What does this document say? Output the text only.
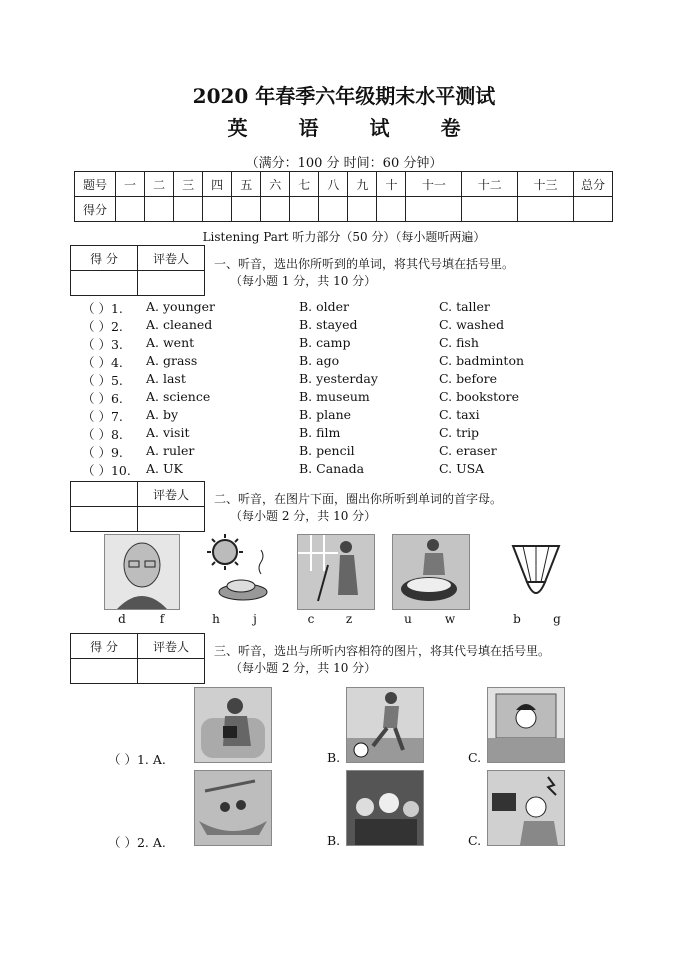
2020 年春季六年级期末水平测试
英	语	试	卷
（满分：100 分 时间：60 分钟）
题号	一	二	三	四	五	六	七	八	九	十	十一	十二	十三	总分
得分														
Listening Part 听力部分（50 分）（每小题听两遍）
得 分	评卷人
	一、听音，选出你所听到的单词，将其代号填在括号里。
（每小题 1 分，共 10 分）
（ ）1. A. younger	B. older	C. taller
（ ）2. A. cleaned	B. stayed	C. washed
（ ）3. A. went	B. camp	C. fish
（ ）4. A. grass	B. ago	C. badminton
（ ）5. A. last	B. yesterday	C. before
（ ）6. A. science	B. museum	C. bookstore
（ ）7. A. by	B. plane	C. taxi
（ ）8. A. visit	B. film	C. trip
（ ）9. A. ruler	B. pencil	C. eraser
（ ）10. A. UK	B. Canada	C. USA
	评卷人
	二、听音，在图片下面，圈出你所听到单词的首字母。
（每小题 2 分，共 10 分）
d	f	h	j	c	z	u	w	b	g
得 分	评卷人
	三、听音，选出与所听内容相符的图片，将其代号填在括号里。
（每小题 2 分，共 10 分）
（ ）1. A.	B.	C.
（ ）2. A.	B.	C.
